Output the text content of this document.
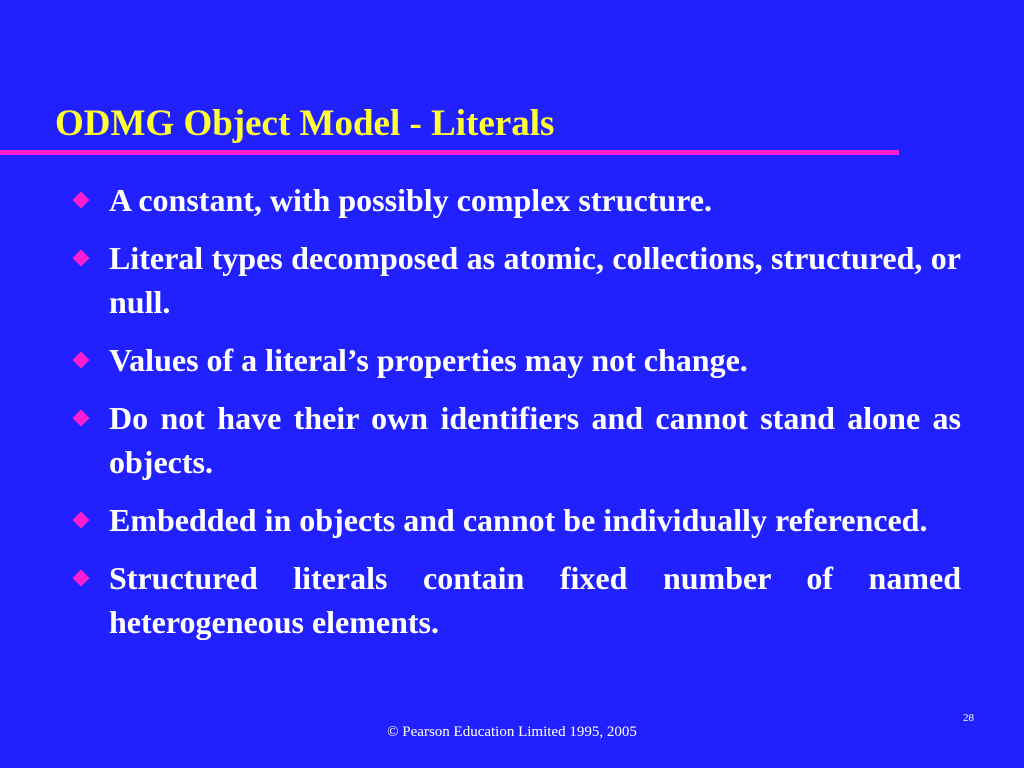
ODMG Object Model - Literals
A constant, with possibly complex structure.
Literal types decomposed as atomic, collections, structured, or null.
Values of a literal’s properties may not change.
Do not have their own identifiers and cannot stand alone as objects.
Embedded in objects and cannot be individually referenced.
Structured literals contain fixed number of named heterogeneous elements.
28
© Pearson Education Limited 1995, 2005
